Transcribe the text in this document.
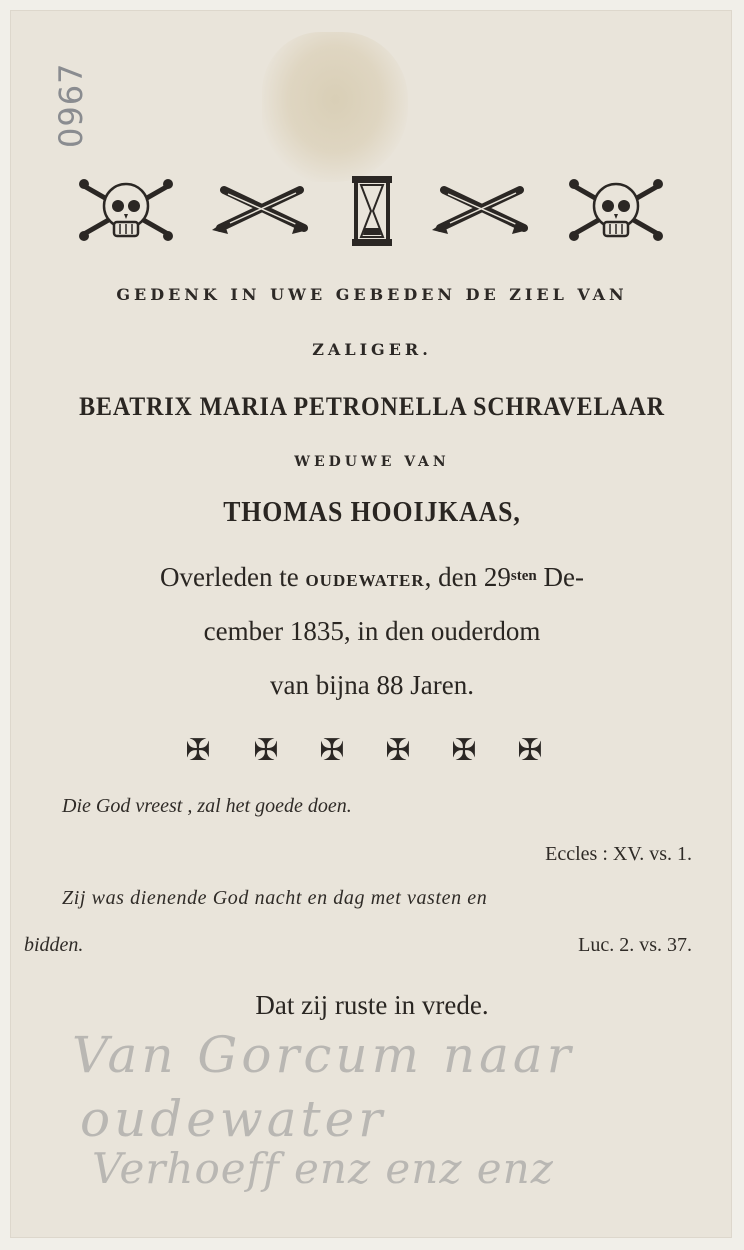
0967
GEDENK IN UWE GEBEDEN DE ZIEL VAN
ZALIGER.
BEATRIX MARIA PETRONELLA SCHRAVELAAR
WEDUWE VAN
THOMAS HOOIJKAAS,
Overleden te OUDEWATER, den $29^{sten}$ De-
cember 1835, in den ouderdom
van bijna 88 Jaren.
✠ ✠ ✠ ✠ ✠ ✠
Die God vreest , zal het goede doen.
Eccles : XV. vs. 1.
Zij was dienende God nacht en dag met vasten en
bidden.	Luc. 2. vs. 37.
Dat zij ruste in vrede.
Van Gorcum naar
oudewater
Verhoeff enz enz enz
